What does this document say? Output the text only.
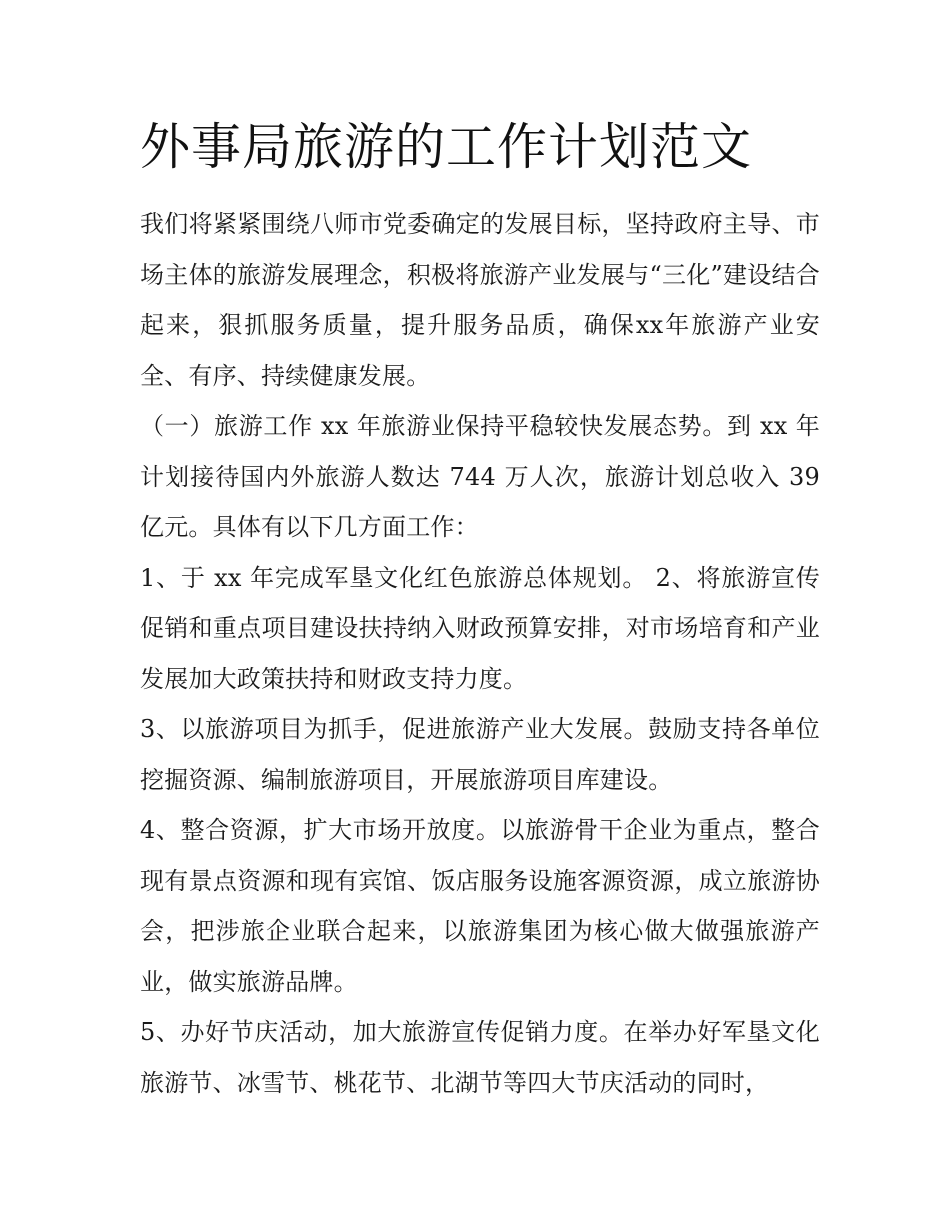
外事局旅游的工作计划范文

我们将紧紧围绕八师市党委确定的发展目标，坚持政府主导、市场主体的旅游发展理念，积极将旅游产业发展与“三化”建设结合起来，狠抓服务质量，提升服务品质，确保xx年旅游产业安全、有序、持续健康发展。

（一）旅游工作 xx 年旅游业保持平稳较快发展态势。到 xx 年计划接待国内外旅游人数达 744 万人次，旅游计划总收入 39 亿元。具体有以下几方面工作：

1、于 xx 年完成军垦文化红色旅游总体规划。 2、将旅游宣传促销和重点项目建设扶持纳入财政预算安排，对市场培育和产业发展加大政策扶持和财政支持力度。

3、以旅游项目为抓手，促进旅游产业大发展。鼓励支持各单位挖掘资源、编制旅游项目，开展旅游项目库建设。

4、整合资源，扩大市场开放度。以旅游骨干企业为重点，整合现有景点资源和现有宾馆、饭店服务设施客源资源，成立旅游协会，把涉旅企业联合起来，以旅游集团为核心做大做强旅游产业，做实旅游品牌。

5、办好节庆活动，加大旅游宣传促销力度。在举办好军垦文化旅游节、冰雪节、桃花节、北湖节等四大节庆活动的同时，
